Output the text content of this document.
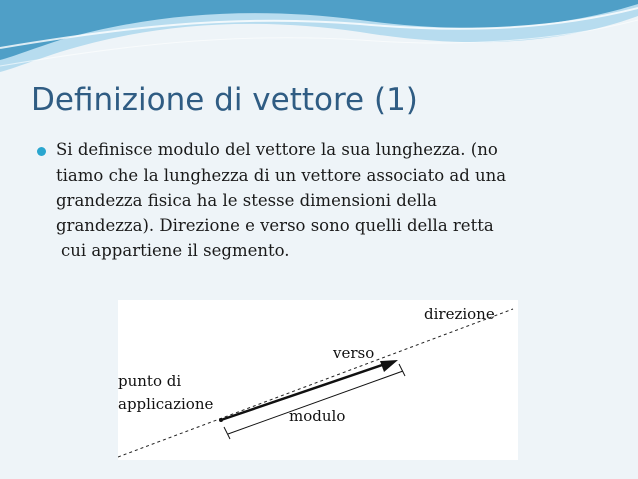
Definizione di vettore (1)
Si definisce modulo del vettore la sua lunghezza. (no
tiamo che la lunghezza di un vettore associato ad una
grandezza fisica ha le stesse dimensioni della
grandezza). Direzione e verso sono quelli della retta
cui appartiene il segmento.
direzione
verso
punto di
applicazione
modulo
